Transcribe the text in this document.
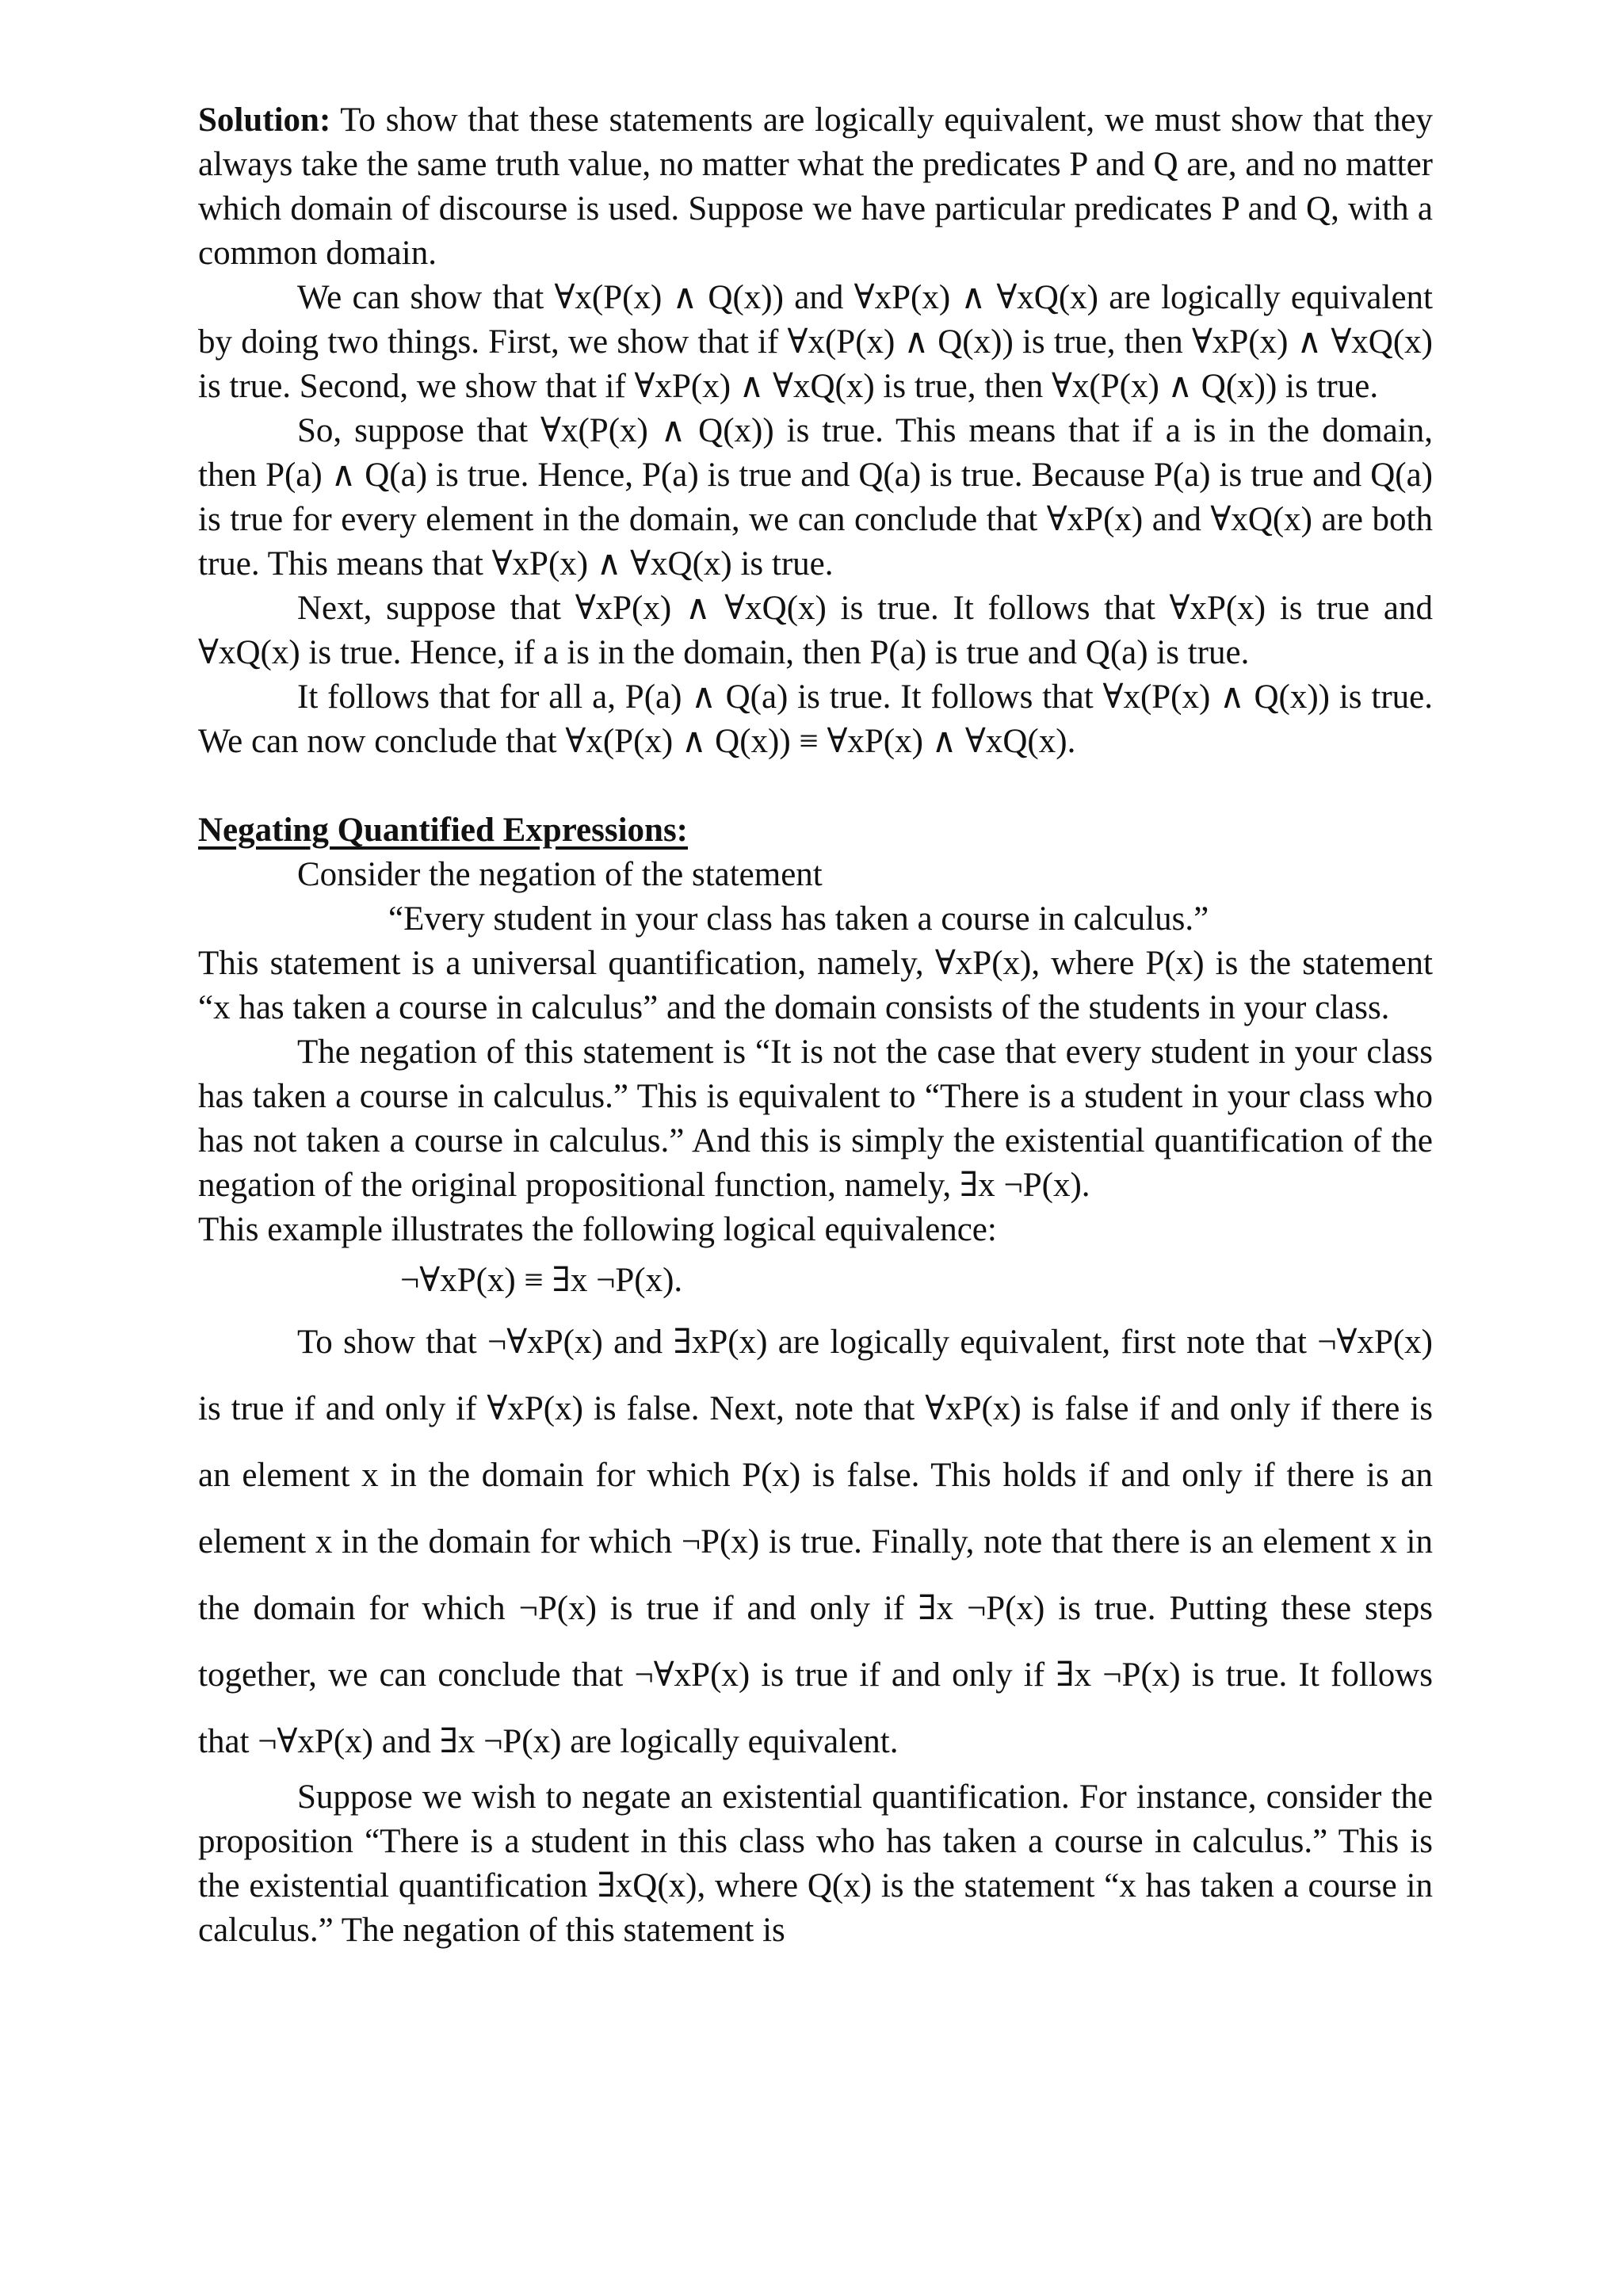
Solution: To show that these statements are logically equivalent, we must show that they always take the same truth value, no matter what the predicates P and Q are, and no matter which domain of discourse is used. Suppose we have particular predicates P and Q, with a common domain.

We can show that ∀x(P(x) ∧ Q(x)) and ∀xP(x) ∧ ∀xQ(x) are logically equivalent by doing two things. First, we show that if ∀x(P(x) ∧ Q(x)) is true, then ∀xP(x) ∧ ∀xQ(x) is true. Second, we show that if ∀xP(x) ∧ ∀xQ(x) is true, then ∀x(P(x) ∧ Q(x)) is true.

So, suppose that ∀x(P(x) ∧ Q(x)) is true. This means that if a is in the domain, then P(a) ∧ Q(a) is true. Hence, P(a) is true and Q(a) is true. Because P(a) is true and Q(a) is true for every element in the domain, we can conclude that ∀xP(x) and ∀xQ(x) are both true. This means that ∀xP(x) ∧ ∀xQ(x) is true.

Next, suppose that ∀xP(x) ∧ ∀xQ(x) is true. It follows that ∀xP(x) is true and ∀xQ(x) is true. Hence, if a is in the domain, then P(a) is true and Q(a) is true.

It follows that for all a, P(a) ∧ Q(a) is true. It follows that ∀x(P(x) ∧ Q(x)) is true. We can now conclude that ∀x(P(x) ∧ Q(x)) ≡ ∀xP(x) ∧ ∀xQ(x).

Negating Quantified Expressions:

Consider the negation of the statement

“Every student in your class has taken a course in calculus.”

This statement is a universal quantification, namely, ∀xP(x), where P(x) is the statement “x has taken a course in calculus” and the domain consists of the students in your class.

The negation of this statement is “It is not the case that every student in your class has taken a course in calculus.” This is equivalent to “There is a student in your class who has not taken a course in calculus.” And this is simply the existential quantification of the negation of the original propositional function, namely, ∃x ¬P(x).

This example illustrates the following logical equivalence:

¬∀xP(x) ≡ ∃x ¬P(x).

To show that ¬∀xP(x) and ∃xP(x) are logically equivalent, first note that ¬∀xP(x) is true if and only if ∀xP(x) is false. Next, note that ∀xP(x) is false if and only if there is an element x in the domain for which P(x) is false. This holds if and only if there is an element x in the domain for which ¬P(x) is true. Finally, note that there is an element x in the domain for which ¬P(x) is true if and only if ∃x ¬P(x) is true. Putting these steps together, we can conclude that ¬∀xP(x) is true if and only if ∃x ¬P(x) is true. It follows that ¬∀xP(x) and ∃x ¬P(x) are logically equivalent.

Suppose we wish to negate an existential quantification. For instance, consider the proposition “There is a student in this class who has taken a course in calculus.” This is the existential quantification ∃xQ(x), where Q(x) is the statement “x has taken a course in calculus.” The negation of this statement is
